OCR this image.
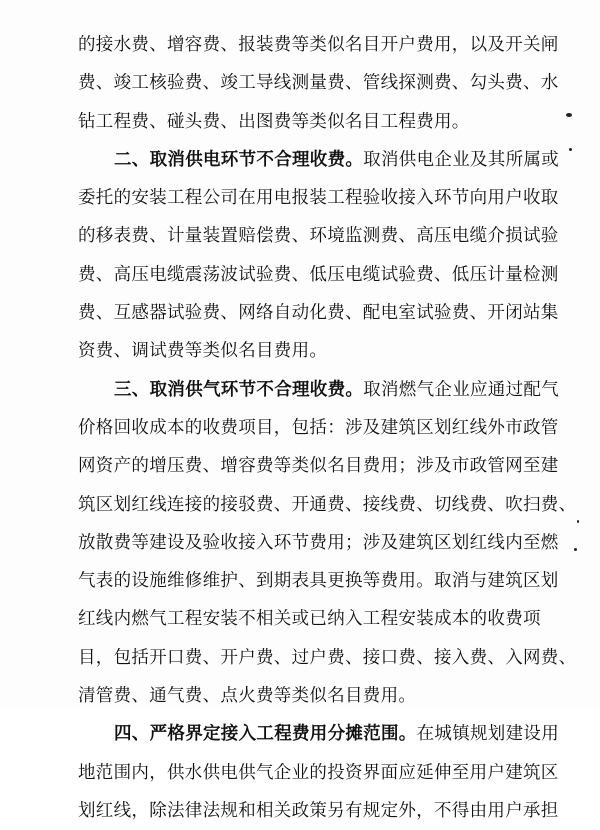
的接水费、增容费、报装费等类似名目开户费用，以及开关闸
费、竣工核验费、竣工导线测量费、管线探测费、勾头费、水
钻工程费、碰头费、出图费等类似名目工程费用。
二、取消供电环节不合理收费。取消供电企业及其所属或
委托的安装工程公司在用电报装工程验收接入环节向用户收取
的移表费、计量装置赔偿费、环境监测费、高压电缆介损试验
费、高压电缆震荡波试验费、低压电缆试验费、低压计量检测
费、互感器试验费、网络自动化费、配电室试验费、开闭站集
资费、调试费等类似名目费用。
三、取消供气环节不合理收费。取消燃气企业应通过配气
价格回收成本的收费项目，包括：涉及建筑区划红线外市政管
网资产的增压费、增容费等类似名目费用；涉及市政管网至建
筑区划红线连接的接驳费、开通费、接线费、切线费、吹扫费、
放散费等建设及验收接入环节费用；涉及建筑区划红线内至燃
气表的设施维修维护、到期表具更换等费用。取消与建筑区划
红线内燃气工程安装不相关或已纳入工程安装成本的收费项
目，包括开口费、开户费、过户费、接口费、接入费、入网费、
清管费、通气费、点火费等类似名目费用。
四、严格界定接入工程费用分摊范围。在城镇规划建设用
地范围内，供水供电供气企业的投资界面应延伸至用户建筑区
划红线，除法律法规和相关政策另有规定外，不得由用户承担
